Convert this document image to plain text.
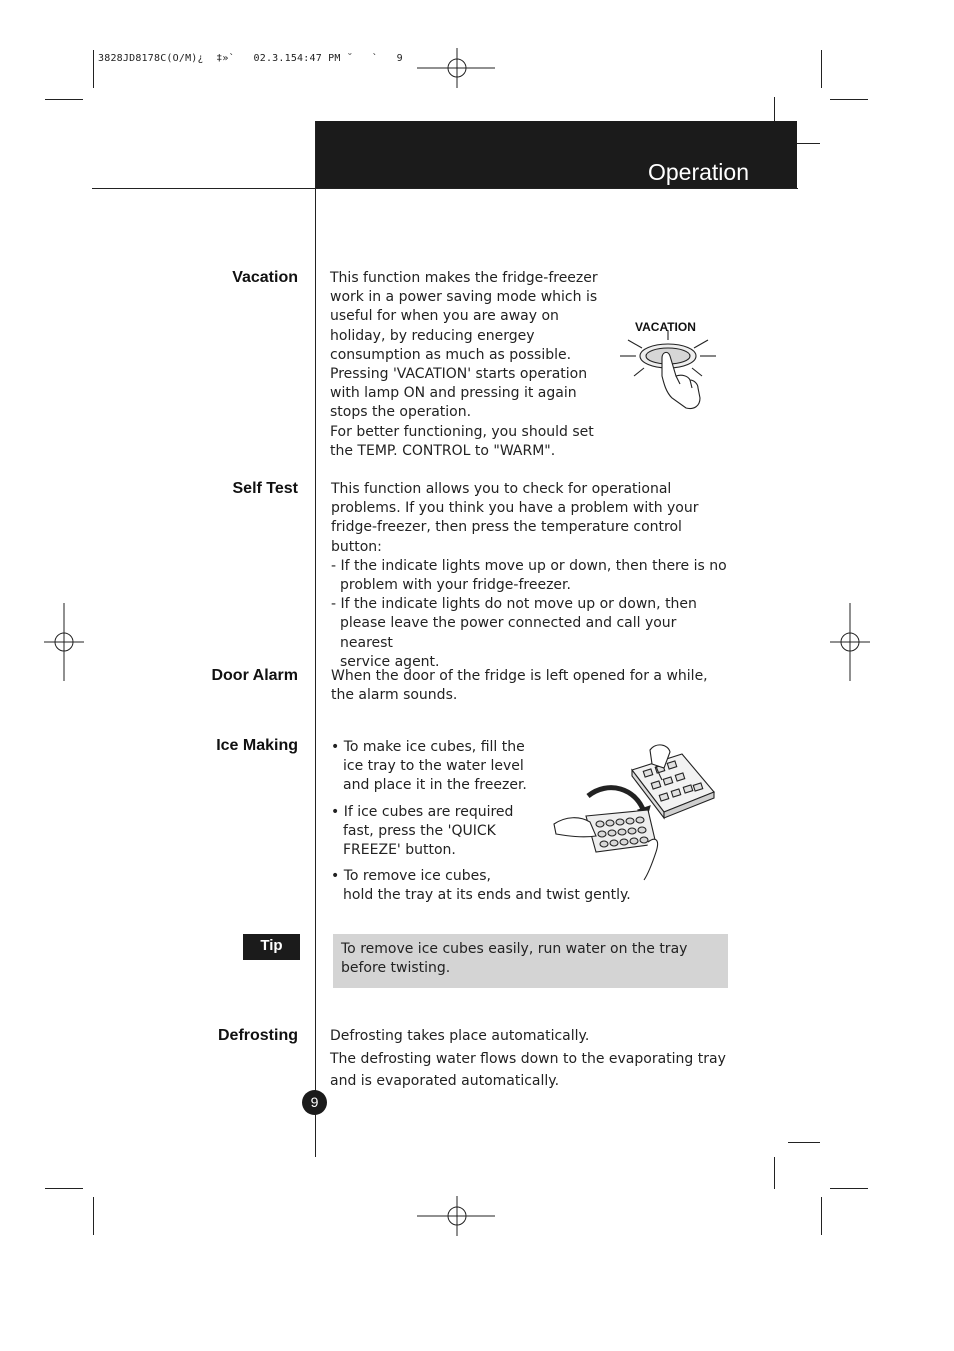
3828JD8178C(O/M)¿  ‡»`   02.3.154:47 PM ˘   `   9
Operation
Vacation This function makes the fridge-freezer

work in a power saving mode which is

useful for when you are away on

holiday, by reducing energey

consumption as much as possible.

Pressing 'VACATION' starts operation

with lamp ON and pressing it again

stops the operation.

For better functioning, you should set

the TEMP. CONTROL to "WARM".

VACATION
Self Test This function allows you to check for operational

problems. If you think you have a problem with your

fridge-freezer, then press the temperature control button:

- If the indicate lights move up or down, then there is no

problem with your fridge-freezer.

- If the indicate lights do not move up or down, then

please leave the power connected and call your nearest

service agent.

Door Alarm When the door of the fridge is left opened for a while,

the alarm sounds.

Ice Making • To make ice cubes, fill the

ice tray to the water level

and place it in the freezer.

• If ice cubes are required

fast, press the 'QUICK

FREEZE' button.

• To remove ice cubes,

hold the tray at its ends and twist gently.

Tip	To remove ice cubes easily, run water on the tray

before twisting.

Defrosting Defrosting takes place automatically.

The defrosting water flows down to the evaporating tray

and is evaporated automatically.

9
